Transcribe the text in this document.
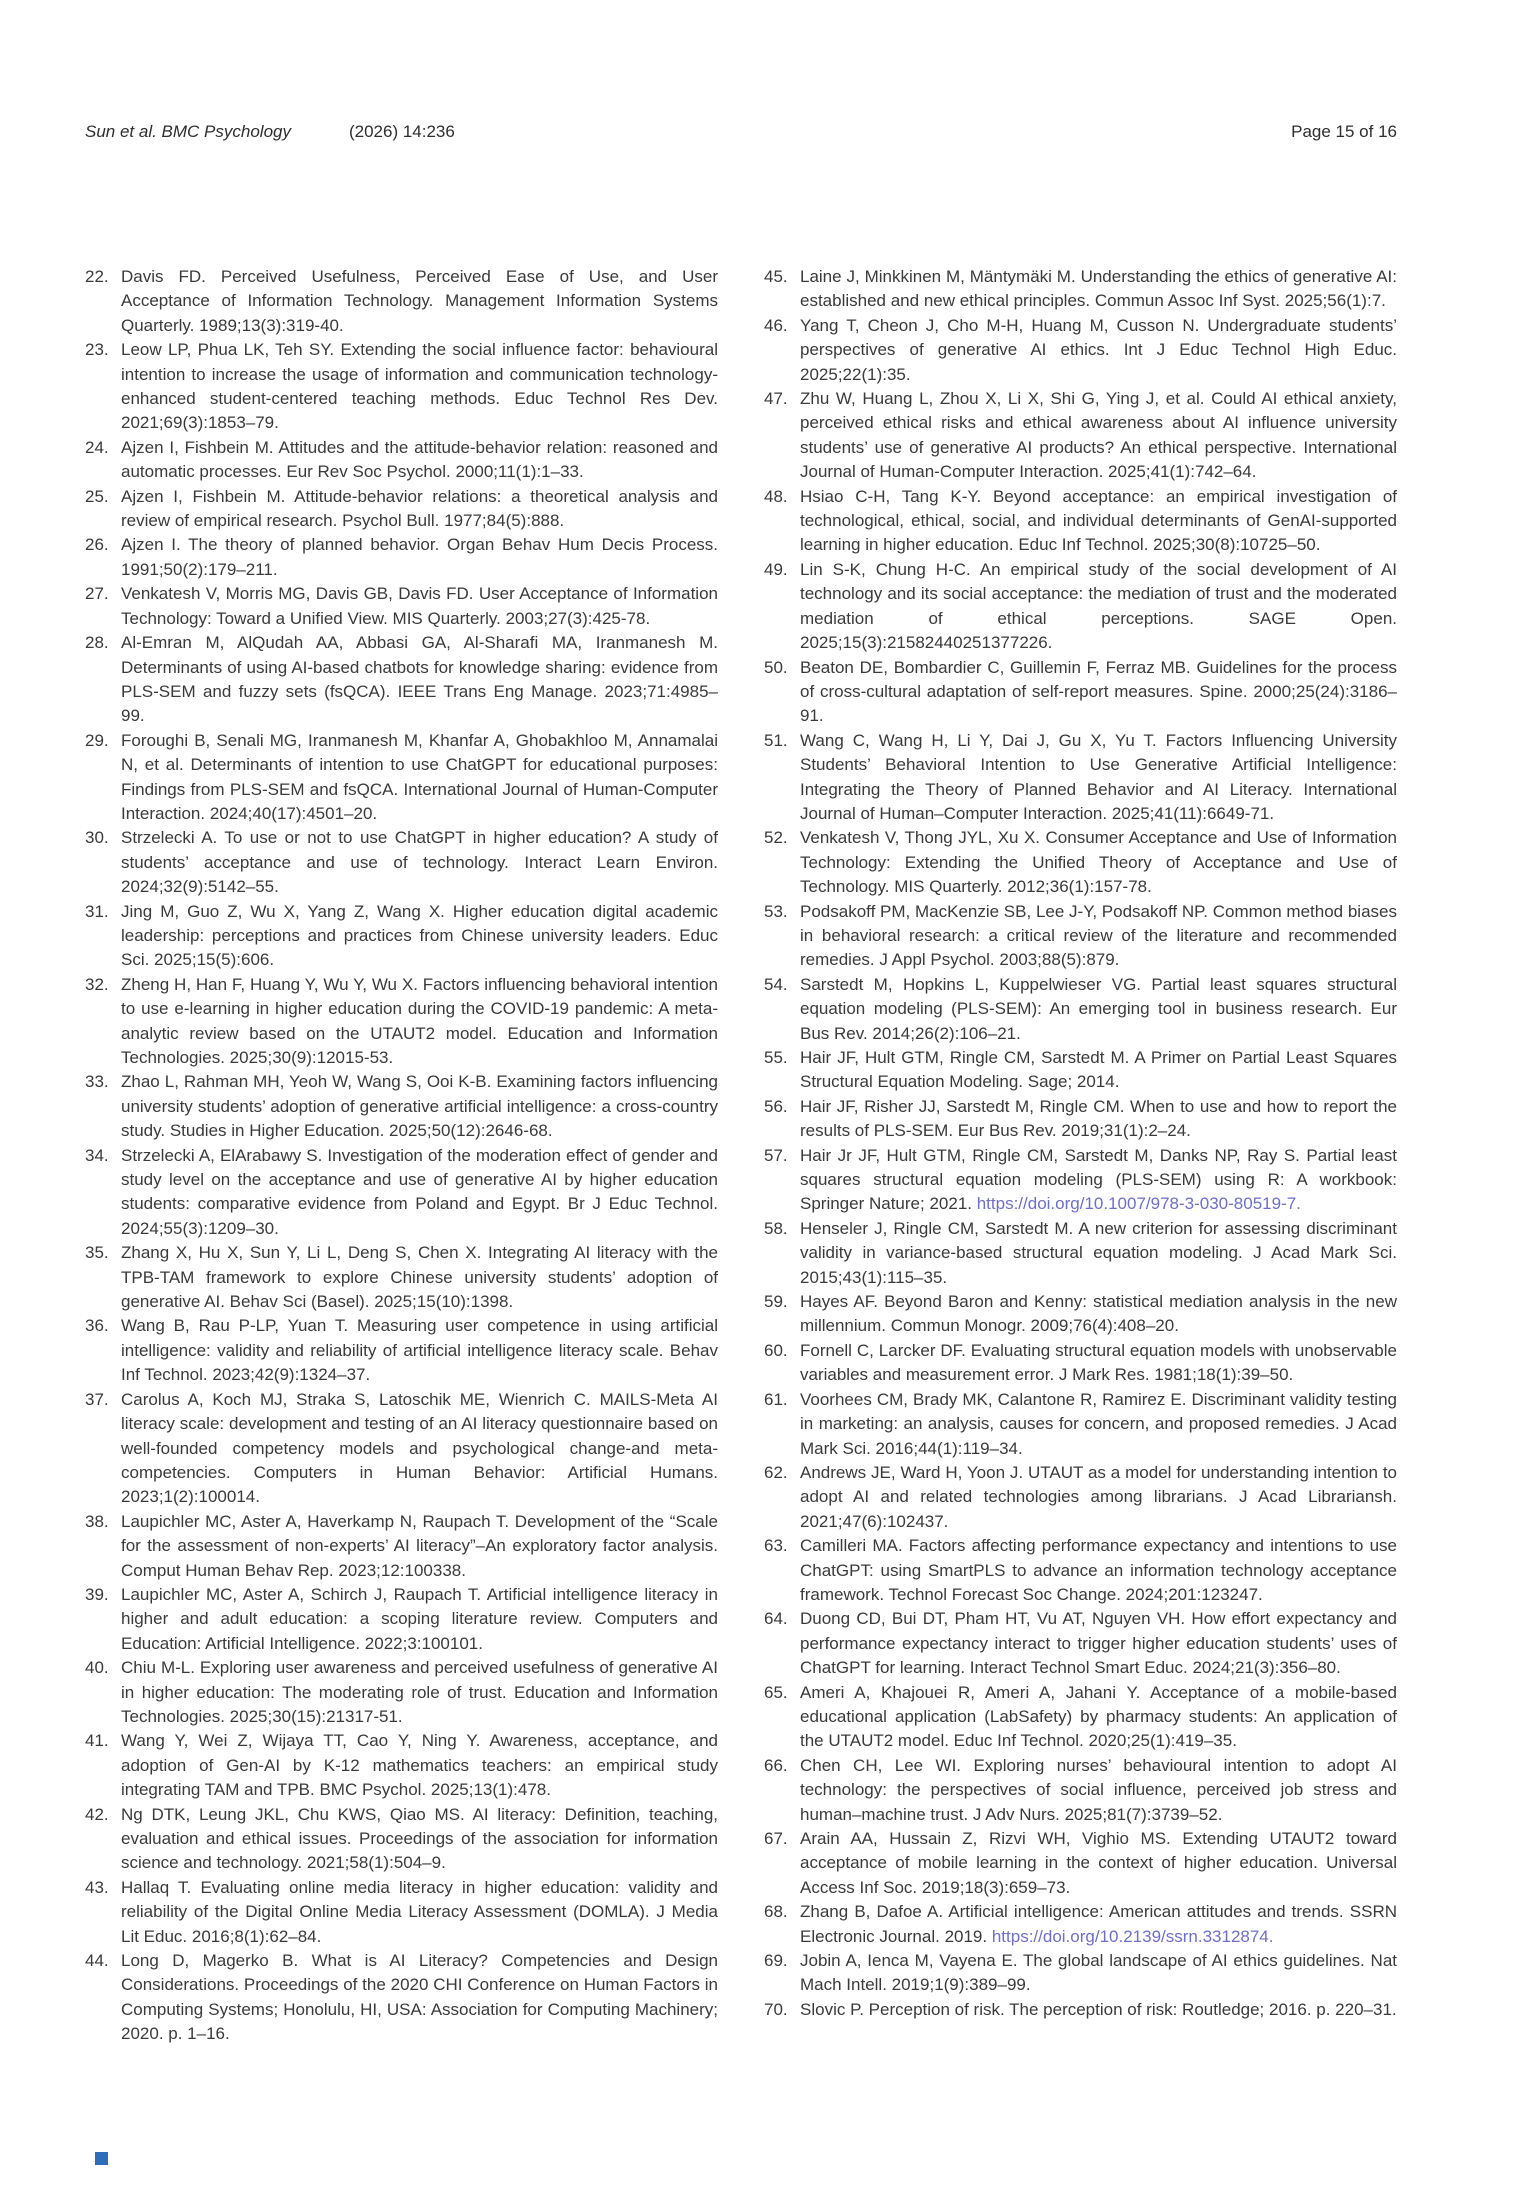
Sun et al. BMC Psychology	(2026) 14:236	Page 15 of 16
22. Davis FD. Perceived Usefulness, Perceived Ease of Use, and User Acceptance of Information Technology. Management Information Systems Quarterly. 1989;13(3):319-40.
23. Leow LP, Phua LK, Teh SY. Extending the social influence factor: behavioural intention to increase the usage of information and communication technology-enhanced student-centered teaching methods. Educ Technol Res Dev. 2021;69(3):1853–79.
24. Ajzen I, Fishbein M. Attitudes and the attitude-behavior relation: reasoned and automatic processes. Eur Rev Soc Psychol. 2000;11(1):1–33.
25. Ajzen I, Fishbein M. Attitude-behavior relations: a theoretical analysis and review of empirical research. Psychol Bull. 1977;84(5):888.
26. Ajzen I. The theory of planned behavior. Organ Behav Hum Decis Process. 1991;50(2):179–211.
27. Venkatesh V, Morris MG, Davis GB, Davis FD. User Acceptance of Information Technology: Toward a Unified View. MIS Quarterly. 2003;27(3):425-78.
28. Al-Emran M, AlQudah AA, Abbasi GA, Al-Sharafi MA, Iranmanesh M. Determinants of using AI-based chatbots for knowledge sharing: evidence from PLS-SEM and fuzzy sets (fsQCA). IEEE Trans Eng Manage. 2023;71:4985–99.
29. Foroughi B, Senali MG, Iranmanesh M, Khanfar A, Ghobakhloo M, Annamalai N, et al. Determinants of intention to use ChatGPT for educational purposes: Findings from PLS-SEM and fsQCA. International Journal of Human-Computer Interaction. 2024;40(17):4501–20.
30. Strzelecki A. To use or not to use ChatGPT in higher education? A study of students’ acceptance and use of technology. Interact Learn Environ. 2024;32(9):5142–55.
31. Jing M, Guo Z, Wu X, Yang Z, Wang X. Higher education digital academic leadership: perceptions and practices from Chinese university leaders. Educ Sci. 2025;15(5):606.
32. Zheng H, Han F, Huang Y, Wu Y, Wu X. Factors influencing behavioral intention to use e-learning in higher education during the COVID-19 pandemic: A meta-analytic review based on the UTAUT2 model. Education and Information Technologies. 2025;30(9):12015-53.
33. Zhao L, Rahman MH, Yeoh W, Wang S, Ooi K-B. Examining factors influencing university students’ adoption of generative artificial intelligence: a cross-country study. Studies in Higher Education. 2025;50(12):2646-68.
34. Strzelecki A, ElArabawy S. Investigation of the moderation effect of gender and study level on the acceptance and use of generative AI by higher education students: comparative evidence from Poland and Egypt. Br J Educ Technol. 2024;55(3):1209–30.
35. Zhang X, Hu X, Sun Y, Li L, Deng S, Chen X. Integrating AI literacy with the TPB-TAM framework to explore Chinese university students’ adoption of generative AI. Behav Sci (Basel). 2025;15(10):1398.
36. Wang B, Rau P-LP, Yuan T. Measuring user competence in using artificial intelligence: validity and reliability of artificial intelligence literacy scale. Behav Inf Technol. 2023;42(9):1324–37.
37. Carolus A, Koch MJ, Straka S, Latoschik ME, Wienrich C. MAILS-Meta AI literacy scale: development and testing of an AI literacy questionnaire based on well-founded competency models and psychological change-and meta-competencies. Computers in Human Behavior: Artificial Humans. 2023;1(2):100014.
38. Laupichler MC, Aster A, Haverkamp N, Raupach T. Development of the “Scale for the assessment of non-experts’ AI literacy”–An exploratory factor analysis. Comput Human Behav Rep. 2023;12:100338.
39. Laupichler MC, Aster A, Schirch J, Raupach T. Artificial intelligence literacy in higher and adult education: a scoping literature review. Computers and Education: Artificial Intelligence. 2022;3:100101.
40. Chiu M-L. Exploring user awareness and perceived usefulness of generative AI in higher education: The moderating role of trust. Education and Information Technologies. 2025;30(15):21317-51.
41. Wang Y, Wei Z, Wijaya TT, Cao Y, Ning Y. Awareness, acceptance, and adoption of Gen-AI by K-12 mathematics teachers: an empirical study integrating TAM and TPB. BMC Psychol. 2025;13(1):478.
42. Ng DTK, Leung JKL, Chu KWS, Qiao MS. AI literacy: Definition, teaching, evaluation and ethical issues. Proceedings of the association for information science and technology. 2021;58(1):504–9.
43. Hallaq T. Evaluating online media literacy in higher education: validity and reliability of the Digital Online Media Literacy Assessment (DOMLA). J Media Lit Educ. 2016;8(1):62–84.
44. Long D, Magerko B. What is AI Literacy? Competencies and Design Considerations. Proceedings of the 2020 CHI Conference on Human Factors in Computing Systems; Honolulu, HI, USA: Association for Computing Machinery; 2020. p. 1–16.
45. Laine J, Minkkinen M, Mäntymäki M. Understanding the ethics of generative AI: established and new ethical principles. Commun Assoc Inf Syst. 2025;56(1):7.
46. Yang T, Cheon J, Cho M-H, Huang M, Cusson N. Undergraduate students’ perspectives of generative AI ethics. Int J Educ Technol High Educ. 2025;22(1):35.
47. Zhu W, Huang L, Zhou X, Li X, Shi G, Ying J, et al. Could AI ethical anxiety, perceived ethical risks and ethical awareness about AI influence university students’ use of generative AI products? An ethical perspective. International Journal of Human-Computer Interaction. 2025;41(1):742–64.
48. Hsiao C-H, Tang K-Y. Beyond acceptance: an empirical investigation of technological, ethical, social, and individual determinants of GenAI-supported learning in higher education. Educ Inf Technol. 2025;30(8):10725–50.
49. Lin S-K, Chung H-C. An empirical study of the social development of AI technology and its social acceptance: the mediation of trust and the moderated mediation of ethical perceptions. SAGE Open. 2025;15(3):21582440251377226.
50. Beaton DE, Bombardier C, Guillemin F, Ferraz MB. Guidelines for the process of cross-cultural adaptation of self-report measures. Spine. 2000;25(24):3186–91.
51. Wang C, Wang H, Li Y, Dai J, Gu X, Yu T. Factors Influencing University Students’ Behavioral Intention to Use Generative Artificial Intelligence: Integrating the Theory of Planned Behavior and AI Literacy. International Journal of Human–Computer Interaction. 2025;41(11):6649-71.
52. Venkatesh V, Thong JYL, Xu X. Consumer Acceptance and Use of Information Technology: Extending the Unified Theory of Acceptance and Use of Technology. MIS Quarterly. 2012;36(1):157-78.
53. Podsakoff PM, MacKenzie SB, Lee J-Y, Podsakoff NP. Common method biases in behavioral research: a critical review of the literature and recommended remedies. J Appl Psychol. 2003;88(5):879.
54. Sarstedt M, Hopkins L, Kuppelwieser VG. Partial least squares structural equation modeling (PLS-SEM): An emerging tool in business research. Eur Bus Rev. 2014;26(2):106–21.
55. Hair JF, Hult GTM, Ringle CM, Sarstedt M. A Primer on Partial Least Squares Structural Equation Modeling. Sage; 2014.
56. Hair JF, Risher JJ, Sarstedt M, Ringle CM. When to use and how to report the results of PLS-SEM. Eur Bus Rev. 2019;31(1):2–24.
57. Hair Jr JF, Hult GTM, Ringle CM, Sarstedt M, Danks NP, Ray S. Partial least squares structural equation modeling (PLS-SEM) using R: A workbook: Springer Nature; 2021. https://doi.org/10.1007/978-3-030-80519-7.
58. Henseler J, Ringle CM, Sarstedt M. A new criterion for assessing discriminant validity in variance-based structural equation modeling. J Acad Mark Sci. 2015;43(1):115–35.
59. Hayes AF. Beyond Baron and Kenny: statistical mediation analysis in the new millennium. Commun Monogr. 2009;76(4):408–20.
60. Fornell C, Larcker DF. Evaluating structural equation models with unobservable variables and measurement error. J Mark Res. 1981;18(1):39–50.
61. Voorhees CM, Brady MK, Calantone R, Ramirez E. Discriminant validity testing in marketing: an analysis, causes for concern, and proposed remedies. J Acad Mark Sci. 2016;44(1):119–34.
62. Andrews JE, Ward H, Yoon J. UTAUT as a model for understanding intention to adopt AI and related technologies among librarians. J Acad Librariansh. 2021;47(6):102437.
63. Camilleri MA. Factors affecting performance expectancy and intentions to use ChatGPT: using SmartPLS to advance an information technology acceptance framework. Technol Forecast Soc Change. 2024;201:123247.
64. Duong CD, Bui DT, Pham HT, Vu AT, Nguyen VH. How effort expectancy and performance expectancy interact to trigger higher education students’ uses of ChatGPT for learning. Interact Technol Smart Educ. 2024;21(3):356–80.
65. Ameri A, Khajouei R, Ameri A, Jahani Y. Acceptance of a mobile-based educational application (LabSafety) by pharmacy students: An application of the UTAUT2 model. Educ Inf Technol. 2020;25(1):419–35.
66. Chen CH, Lee WI. Exploring nurses’ behavioural intention to adopt AI technology: the perspectives of social influence, perceived job stress and human–machine trust. J Adv Nurs. 2025;81(7):3739–52.
67. Arain AA, Hussain Z, Rizvi WH, Vighio MS. Extending UTAUT2 toward acceptance of mobile learning in the context of higher education. Universal Access Inf Soc. 2019;18(3):659–73.
68. Zhang B, Dafoe A. Artificial intelligence: American attitudes and trends. SSRN Electronic Journal. 2019. https://doi.org/10.2139/ssrn.3312874.
69. Jobin A, Ienca M, Vayena E. The global landscape of AI ethics guidelines. Nat Mach Intell. 2019;1(9):389–99.
70. Slovic P. Perception of risk. The perception of risk: Routledge; 2016. p. 220–31.
